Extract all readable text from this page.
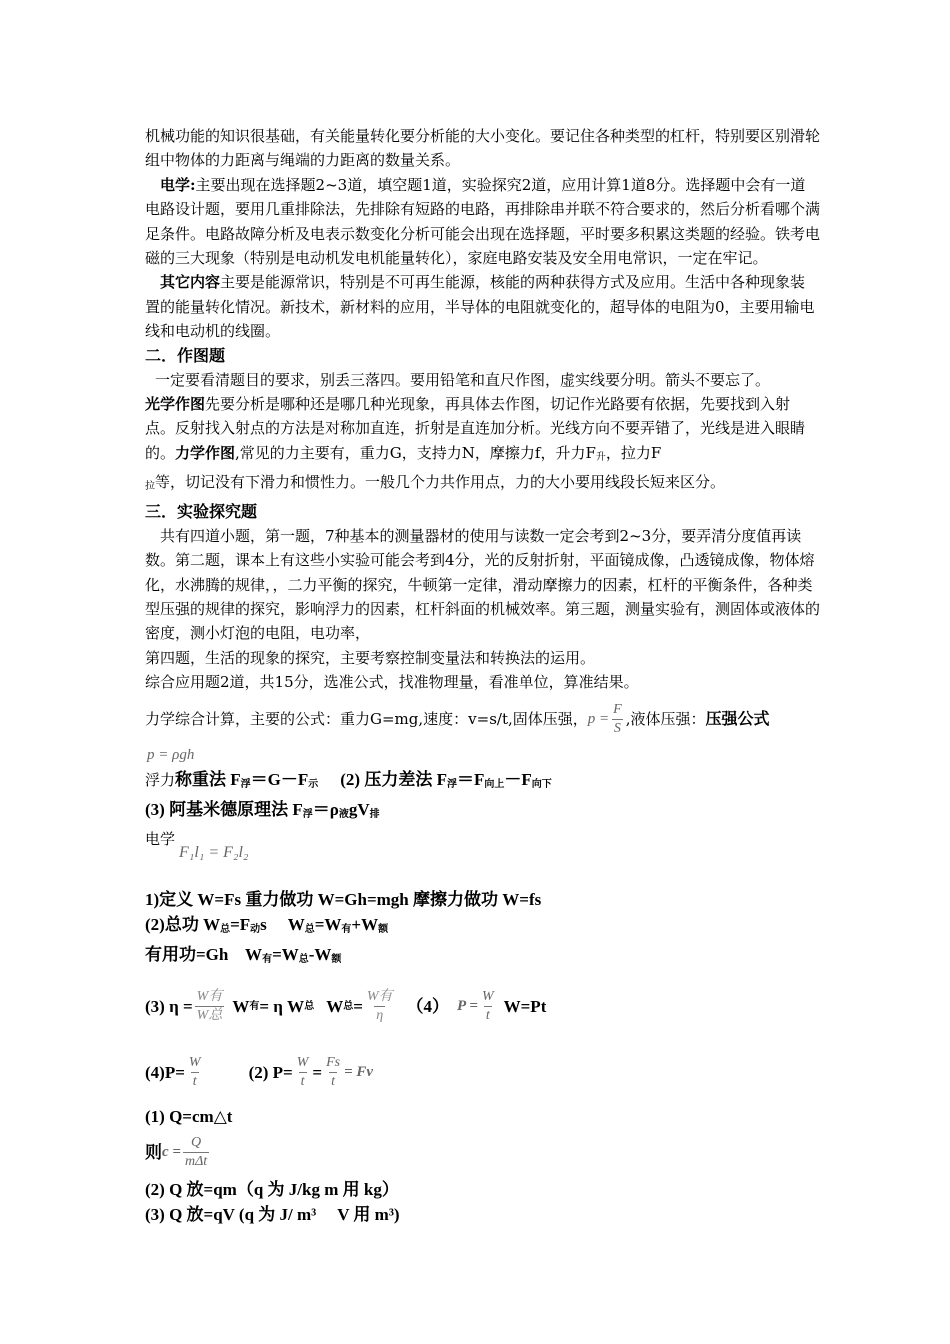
机械功能的知识很基础，有关能量转化要分析能的大小变化。要记住各种类型的杠杆，特别要区别滑轮组中物体的力距离与绳端的力距离的数量关系。

电学:主要出现在选择题2~3道，填空题1道，实验探究2道，应用计算1道8分。选择题中会有一道电路设计题，要用几重排除法，先排除有短路的电路，再排除串并联不符合要求的，然后分析看哪个满足条件。电路故障分析及电表示数变化分析可能会出现在选择题，平时要多积累这类题的经验。铁考电磁的三大现象（特别是电动机发电机能量转化），家庭电路安装及安全用电常识，一定在牢记。

其它内容主要是能源常识，特别是不可再生能源，核能的两种获得方式及应用。生活中各种现象装置的能量转化情况。新技术，新材料的应用，半导体的电阻就变化的，超导体的电阻为0，主要用输电线和电动机的线圈。

二．作图题

一定要看清题目的要求，别丢三落四。要用铅笔和直尺作图，虚实线要分明。箭头不要忘了。

光学作图先要分析是哪种还是哪几种光现象，再具体去作图，切记作光路要有依据，先要找到入射点。反射找入射点的方法是对称加直连，折射是直连加分析。光线方向不要弄错了，光线是进入眼睛的。力学作图,常见的力主要有，重力G，支持力N，摩擦力f，升力$F_升$，拉力F
$_拉$等，切记没有下滑力和惯性力。一般几个力共作用点，力的大小要用线段长短来区分。

三．实验探究题

共有四道小题，第一题，7种基本的测量器材的使用与读数一定会考到2~3分，要弄清分度值再读数。第二题，课本上有这些小实验可能会考到4分，光的反射折射，平面镜成像，凸透镜成像，物体熔化，水沸腾的规律，，二力平衡的探究，牛顿第一定律，滑动摩擦力的因素，杠杆的平衡条件，各种类型压强的规律的探究，影响浮力的因素，杠杆斜面的机械效率。第三题，测量实验有，测固体或液体的密度，测小灯泡的电阻，电功率，

第四题，生活的现象的探究，主要考察控制变量法和转换法的运用。

综合应用题2道，共15分，选准公式，找准物理量，看准单位，算准结果。

力学综合计算，主要的公式：重力G=mg,速度：v=s/t,固体压强， $p = \frac{F}{S}$ ,液体压强： 压强公式

p = ρgh

浮力称重法 F浮＝G－F示 (2) 压力差法 F浮＝F向上－F向下

(3) 阿基米德原理法 F浮＝ρ液gV排

电学
F₁l₁ = F₂l₂

1)定义 W=Fs 重力做功 W=Gh=mgh 摩擦力做功 W=fs

(2)总功 W总=F动s     W总=W有+W额

有用功=Gh    W有=W总-W额

(3) $\eta = \frac{\text{W有}}{\text{W总}}$ W 有 = η W 总 W 总 = $\frac{\text{W有}}{\eta} (4) P = \frac{W}{t} W=Pt$
$(4)P= \frac{W}{t}$	(2) $P= \frac{W}{t} = \frac{Fs}{t} = Fv$

(1) Q=cm△t

则 $c = \frac{Q}{\text{mΔt}}$

(2) Q 放=qm（q 为 J/kg m 用 kg）

(3) Q 放=qV (q 为 J/ m³     V 用 m³)
